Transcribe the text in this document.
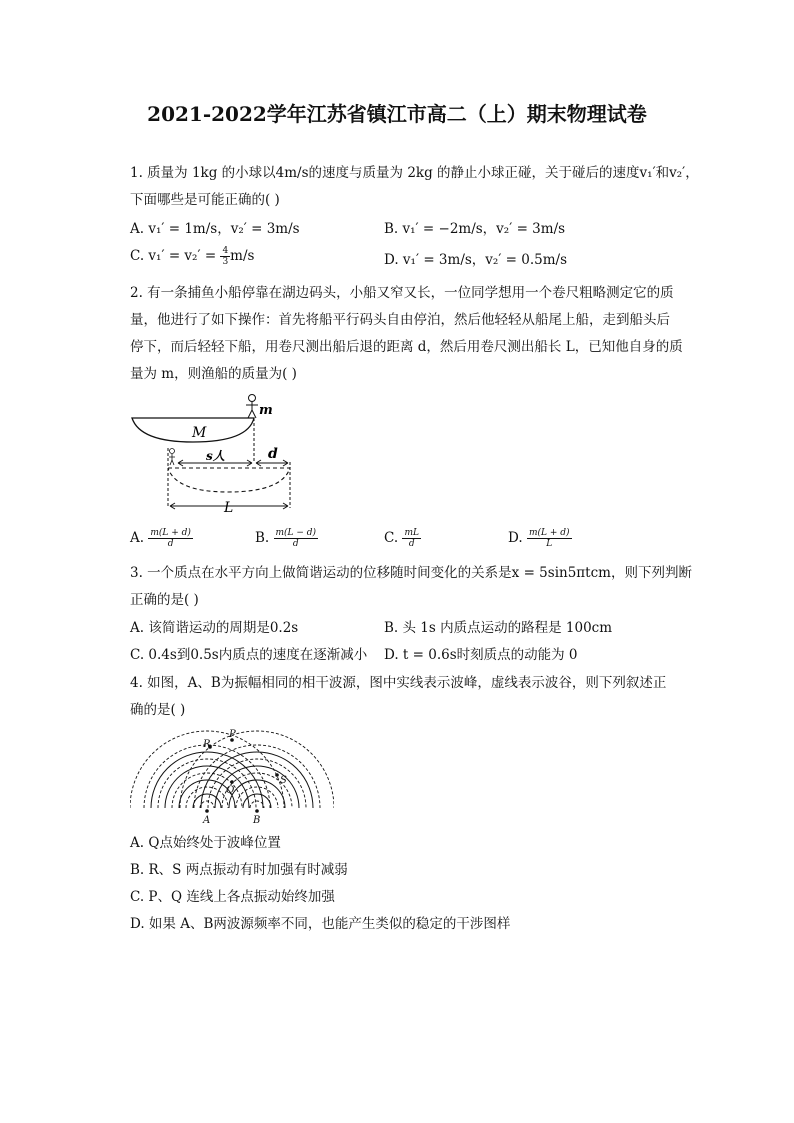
2021-2022学年江苏省镇江市高二（上）期末物理试卷
1. 质量为 1kg 的小球以4m/s的速度与质量为 2kg 的静止小球正碰，关于碰后的速度v₁′和v₂′，
下面哪些是可能正确的( )
A. v₁′ = 1m/s，v₂′ = 3m/s	B. v₁′ = −2m/s，v₂′ = 3m/s
C. $v_1' = v_2' = \frac{4}{3} m/s$	D. v₁′ = 3m/s，v₂′ = 0.5m/s
2. 有一条捕鱼小船停靠在湖边码头，小船又窄又长，一位同学想用一个卷尺粗略测定它的质
量，他进行了如下操作：首先将船平行码头自由停泊，然后他轻轻从船尾上船，走到船头后
停下，而后轻轻下船，用卷尺测出船后退的距离 d，然后用卷尺测出船长 L，已知他自身的质
量为 m，则渔船的质量为( )
M
m
s人	d
L
A. $\frac{m(L + d)}{d}$	B. $\frac{m(L - d)}{d}$	C. $\frac{mL}{d}$	D. $\frac{m(L + d)}{L}$
3. 一个质点在水平方向上做简谐运动的位移随时间变化的关系是x = 5sin5πtcm，则下列判断
正确的是( )
A. 该简谐运动的周期是0.2s	B. 头 1s 内质点运动的路程是 100cm
C. 0.4s到0.5s内质点的速度在逐渐减小 D. t = 0.6s时刻质点的动能为 0
4. 如图，A、B为振幅相同的相干波源，图中实线表示波峰，虚线表示波谷，则下列叙述正
确的是( )
P
R
S
Q
A	B
A. Q点始终处于波峰位置
B. R、S 两点振动有时加强有时减弱
C. P、Q 连线上各点振动始终加强
D. 如果 A、B两波源频率不同，也能产生类似的稳定的干涉图样
